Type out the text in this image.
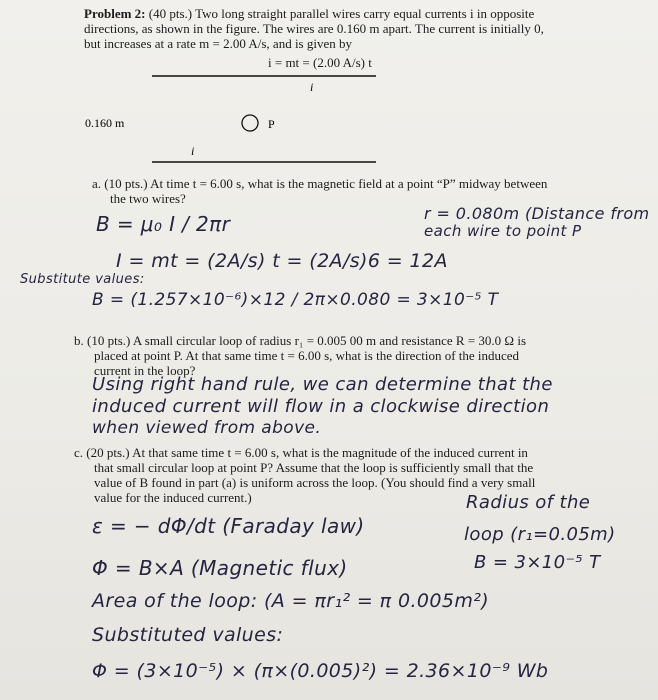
Problem 2: (40 pts.) Two long straight parallel wires carry equal currents i in opposite
directions, as shown in the figure. The wires are 0.160 m apart. The current is initially 0,
but increases at a rate m = 2.00 A/s, and is given by
i = mt = (2.00 A/s) t
P
i
i
0.160 m
a. (10 pts.) At time t = 6.00 s, what is the magnetic field at a point “P” midway between
the two wires?
r = 0.080m (Distance from
each wire to point P
B = μ₀ I / 2πr
I = mt = (2A/s) t = (2A/s)6 = 12A
Substitute values:
B = (1.257×10⁻⁶)×12 / 2π×0.080 = 3×10⁻⁵ T
b. (10 pts.) A small circular loop of radius r₁ = 0.005 00 m and resistance R = 30.0 Ω is
placed at point P. At that same time t = 6.00 s, what is the direction of the induced
current in the loop?
Using right hand rule, we can determine that the
induced current will flow in a clockwise direction
when viewed from above.
c. (20 pts.) At that same time t = 6.00 s, what is the magnitude of the induced current in
that small circular loop at point P? Assume that the loop is sufficiently small that the
value of B found in part (a) is uniform across the loop. (You should find a very small
value for the induced current.)	Radius of the
loop (r₁=0.05m)
B = 3×10⁻⁵ T
ε = − dΦ/dt (Faraday law)
Φ = B×A (Magnetic flux)
Area of the loop: (A = πr₁² = π 0.005m²)
Substituted values:
Φ = (3×10⁻⁵) × (π×(0.005)²) = 2.36×10⁻⁹ Wb
